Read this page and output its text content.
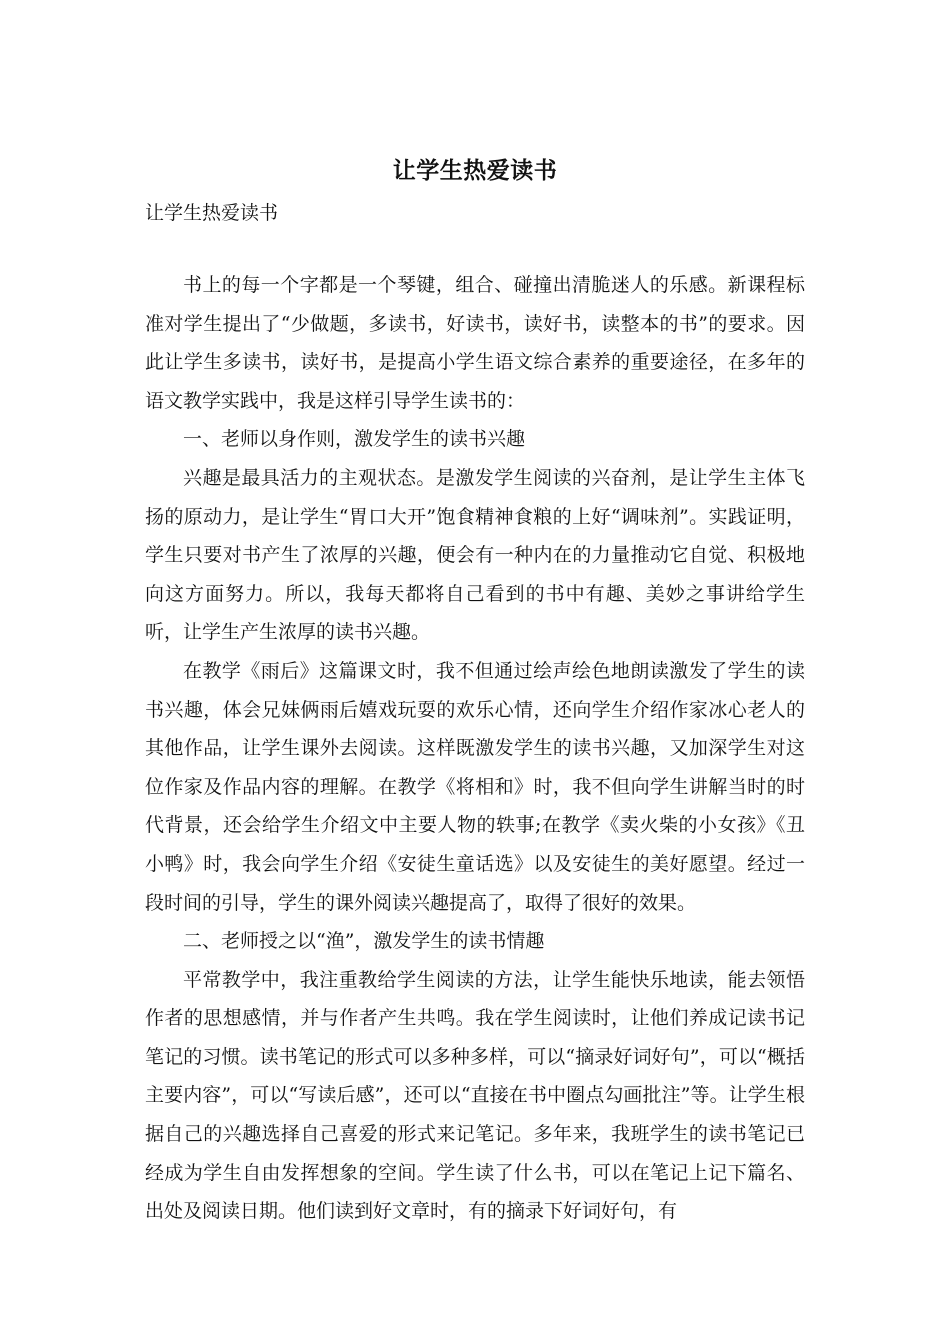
让学生热爱读书
让学生热爱读书

书上的每一个字都是一个琴键，组合、碰撞出清脆迷人的乐感。新课程标准对学生提出了“少做题，多读书，好读书，读好书，读整本的书”的要求。因此让学生多读书，读好书，是提高小学生语文综合素养的重要途径，在多年的语文教学实践中，我是这样引导学生读书的：

一、老师以身作则，激发学生的读书兴趣

兴趣是最具活力的主观状态。是激发学生阅读的兴奋剂，是让学生主体飞扬的原动力，是让学生“胃口大开”饱食精神食粮的上好“调味剂”。实践证明，学生只要对书产生了浓厚的兴趣，便会有一种内在的力量推动它自觉、积极地向这方面努力。所以，我每天都将自己看到的书中有趣、美妙之事讲给学生听，让学生产生浓厚的读书兴趣。

在教学《雨后》这篇课文时，我不但通过绘声绘色地朗读激发了学生的读书兴趣，体会兄妹俩雨后嬉戏玩耍的欢乐心情，还向学生介绍作家冰心老人的其他作品，让学生课外去阅读。这样既激发学生的读书兴趣，又加深学生对这位作家及作品内容的理解。在教学《将相和》时，我不但向学生讲解当时的时代背景，还会给学生介绍文中主要人物的轶事;在教学《卖火柴的小女孩》《丑小鸭》时，我会向学生介绍《安徒生童话选》以及安徒生的美好愿望。经过一段时间的引导，学生的课外阅读兴趣提高了，取得了很好的效果。

二、老师授之以“渔”，激发学生的读书情趣

平常教学中，我注重教给学生阅读的方法，让学生能快乐地读，能去领悟作者的思想感情，并与作者产生共鸣。我在学生阅读时，让他们养成记读书记笔记的习惯。读书笔记的形式可以多种多样，可以“摘录好词好句”，可以“概括主要内容”，可以“写读后感”，还可以“直接在书中圈点勾画批注”等。让学生根据自己的兴趣选择自己喜爱的形式来记笔记。多年来，我班学生的读书笔记已经成为学生自由发挥想象的空间。学生读了什么书，可以在笔记上记下篇名、出处及阅读日期。他们读到好文章时，有的摘录下好词好句，有
